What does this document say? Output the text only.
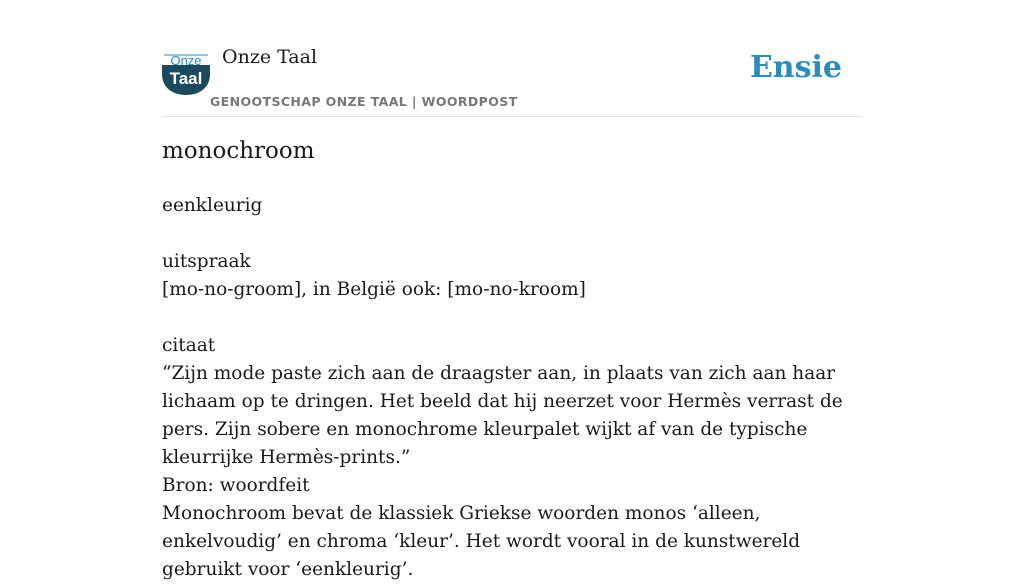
Onze
Taal
Onze Taal
GENOOTSCHAP ONZE TAAL | WOORDPOST
Ensie
monochroom

eenkleurig

uitspraak

[mo-no-groom], in België ook: [mo-no-kroom]

citaat

“Zijn mode paste zich aan de draagster aan, in plaats van zich aan haar lichaam op te dringen. Het beeld dat hij neerzet voor Hermès verrast de pers. Zijn sobere en monochrome kleurpalet wijkt af van de typische kleurrijke Hermès-prints.”

Bron: woordfeit

Monochroom bevat de klassiek Griekse woorden monos ‘alleen, enkelvoudig’ en chroma ‘kleur’. Het wordt vooral in de kunstwereld gebruikt voor ‘eenkleurig’.
